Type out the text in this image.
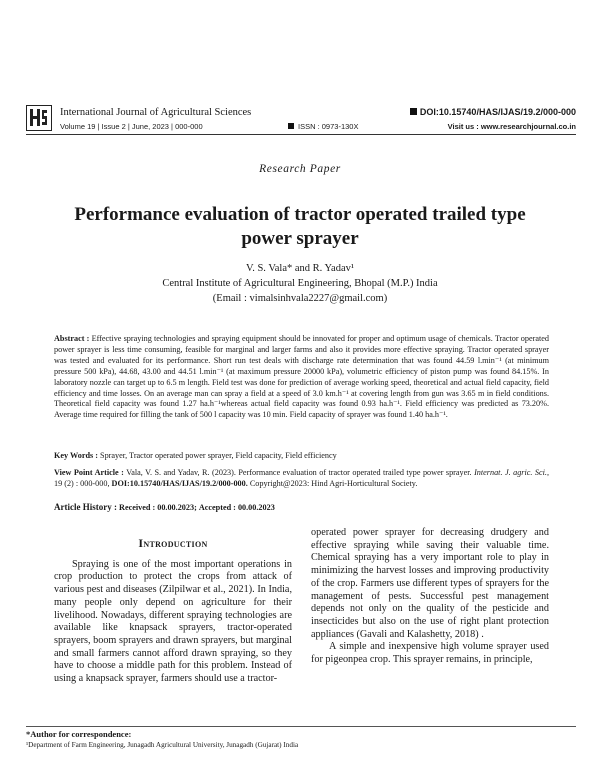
International Journal of Agricultural Sciences
Volume 19 | Issue 2 | June, 2023 | 000-000	ISSN : 0973-130X
DOI:10.15740/HAS/IJAS/19.2/000-000
Visit us : www.researchjournal.co.in
Research Paper
Performance evaluation of tractor operated trailed type power sprayer
V. S. Vala* and R. Yadav¹
Central Institute of Agricultural Engineering, Bhopal (M.P.) India
(Email : vimalsinhvala2227@gmail.com)
Abstract : Effective spraying technologies and spraying equipment should be innovated for proper and optimum usage of chemicals. Tractor operated power sprayer is less time consuming, feasible for marginal and larger farms and also it provides more effective spraying. Tractor operated sprayer was tested and evaluated for its performance. Short run test deals with discharge rate determination that was found 44.59 l.min⁻¹ (at minimum pressure 500 kPa), 44.68, 43.00 and 44.51 l.min⁻¹ (at maximum pressure 20000 kPa), volumetric efficiency of piston pump was found 84.15%. In laboratory nozzle can target up to 6.5 m length. Field test was done for prediction of average working speed, theoretical and actual field capacity, field efficiency and time losses. On an average man can spray a field at a speed of 3.0 km.h⁻¹ at covering length from gun was 3.65 m in field conditions. Theoretical field capacity was found 1.27 ha.h⁻¹whereas actual field capacity was found 0.93 ha.h⁻¹. Field efficiency was predicted as 73.20%. Average time required for filling the tank of 500 l capacity was 10 min. Field capacity of sprayer was found 1.40 ha.h⁻¹.
Key Words : Sprayer, Tractor operated power sprayer, Field capacity, Field efficiency
View Point Article : Vala, V. S. and Yadav, R. (2023). Performance evaluation of tractor operated trailed type power sprayer. Internat. J. agric. Sci., 19 (2) : 000-000, DOI:10.15740/HAS/IJAS/19.2/000-000. Copyright@2023: Hind Agri-Horticultural Society.
Article History : Received : 00.00.2023; Accepted : 00.00.2023
Introduction

Spraying is one of the most important operations in crop production to protect the crops from attack of various pest and diseases (Zilpilwar et al., 2021). In India, many people only depend on agriculture for their livelihood. Nowadays, different spraying technologies are available like knapsack sprayers, tractor-operated sprayers, boom sprayers and drawn sprayers, but marginal and small farmers cannot afford drawn spraying, so they have to choose a middle path for this problem. Instead of using a knapsack sprayer, farmers should use a tractor-

operated power sprayer for decreasing drudgery and effective spraying while saving their valuable time. Chemical spraying has a very important role to play in minimizing the harvest losses and improving productivity of the crop. Farmers use different types of sprayers for the management of pests. Successful pest management depends not only on the quality of the pesticide and insecticides but also on the use of right plant protection appliances (Gavali and Kalashetty, 2018) .

A simple and inexpensive high volume sprayer used for pigeonpea crop. This sprayer remains, in principle,

*Author for correspondence:
¹Department of Farm Engineering, Junagadh Agricultural University, Junagadh (Gujarat) India
